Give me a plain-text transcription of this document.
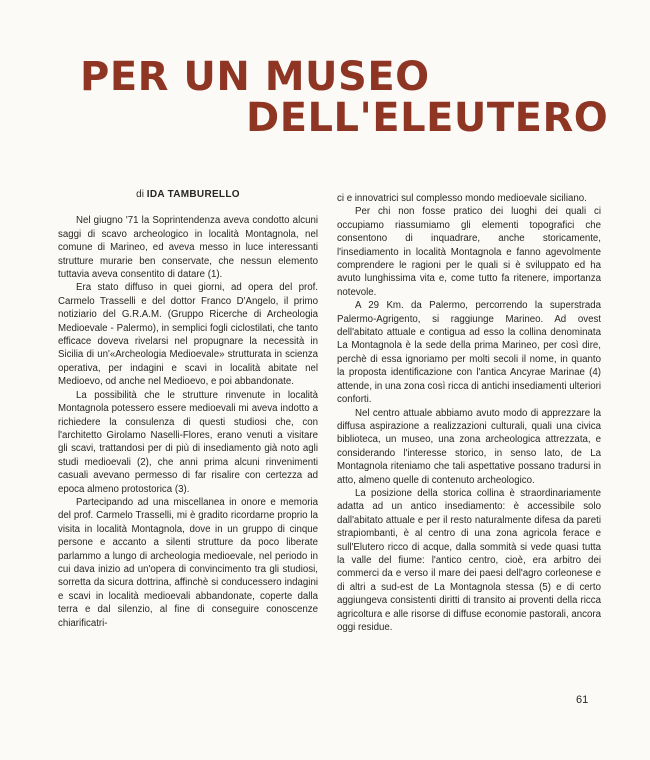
PER UN MUSEO
DELL'ELEUTERO
di IDA TAMBURELLO

Nel giugno '71 la Soprintendenza aveva condotto alcuni saggi di scavo archeologico in località Montagnola, nel comune di Marineo, ed aveva messo in luce interessanti strutture murarie ben conservate, che nessun elemento tuttavia aveva consentito di datare (1).

Era stato diffuso in quei giorni, ad opera del prof. Carmelo Trasselli e del dottor Franco D'Angelo, il primo notiziario del G.R.A.M. (Gruppo Ricerche di Archeologia Medioevale - Palermo), in semplici fogli ciclostilati, che tanto efficace doveva rivelarsi nel propugnare la necessità in Sicilia di un'«Archeologia Medioevale» strutturata in scienza operativa, per indagini e scavi in località abitate nel Medioevo, od anche nel Medioevo, e poi abbandonate.

La possibilità che le strutture rinvenute in località Montagnola potessero essere medioevali mi aveva indotto a richiedere la consulenza di questi studiosi che, con l'architetto Girolamo Naselli-Flores, erano venuti a visitare gli scavi, trattandosi per di più di insediamento già noto agli studi medioevali (2), che anni prima alcuni rinvenimenti casuali avevano permesso di far risalire con certezza ad epoca almeno protostorica (3).

Partecipando ad una miscellanea in onore e memoria del prof. Carmelo Trasselli, mi è gradito ricordarne proprio la visita in località Montagnola, dove in un gruppo di cinque persone e accanto a silenti strutture da poco liberate parlammo a lungo di archeologia medioevale, nel periodo in cui dava inizio ad un'opera di convincimento tra gli studiosi, sorretta da sicura dottrina, affinchè si conducessero indagini e scavi in località medioevali abbandonate, coperte dalla terra e dal silenzio, al fine di conseguire conoscenze chiarificatri-

ci e innovatrici sul complesso mondo medioevale siciliano.

Per chi non fosse pratico dei luoghi dei quali ci occupiamo riassumiamo gli elementi topografici che consentono di inquadrare, anche storicamente, l'insediamento in località Montagnola e fanno agevolmente comprendere le ragioni per le quali si è sviluppato ed ha avuto lunghissima vita e, come tutto fa ritenere, importanza notevole.

A 29 Km. da Palermo, percorrendo la superstrada Palermo-Agrigento, si raggiunge Marineo. Ad ovest dell'abitato attuale e contigua ad esso la collina denominata La Montagnola è la sede della prima Marineo, per così dire, perchè di essa ignoriamo per molti secoli il nome, in quanto la proposta identificazione con l'antica Ancyrae Marinae (4) attende, in una zona così ricca di antichi insediamenti ulteriori conforti.

Nel centro attuale abbiamo avuto modo di apprezzare la diffusa aspirazione a realizzazioni culturali, quali una civica biblioteca, un museo, una zona archeologica attrezzata, e considerando l'interesse storico, in senso lato, de La Montagnola riteniamo che tali aspettative possano tradursi in atto, almeno quelle di contenuto archeologico.

La posizione della storica collina è straordinariamente adatta ad un antico insediamento: è accessibile solo dall'abitato attuale e per il resto naturalmente difesa da pareti strapiombanti, è al centro di una zona agricola ferace e sull'Elutero ricco di acque, dalla sommità si vede quasi tutta la valle del fiume: l'antico centro, cioè, era arbitro dei commerci da e verso il mare dei paesi dell'agro corleonese e di altri a sud-est de La Montagnola stessa (5) e di certo aggiungeva consistenti diritti di transito ai proventi della ricca agricoltura e alle risorse di diffuse economie pastorali, ancora oggi residue.

61
